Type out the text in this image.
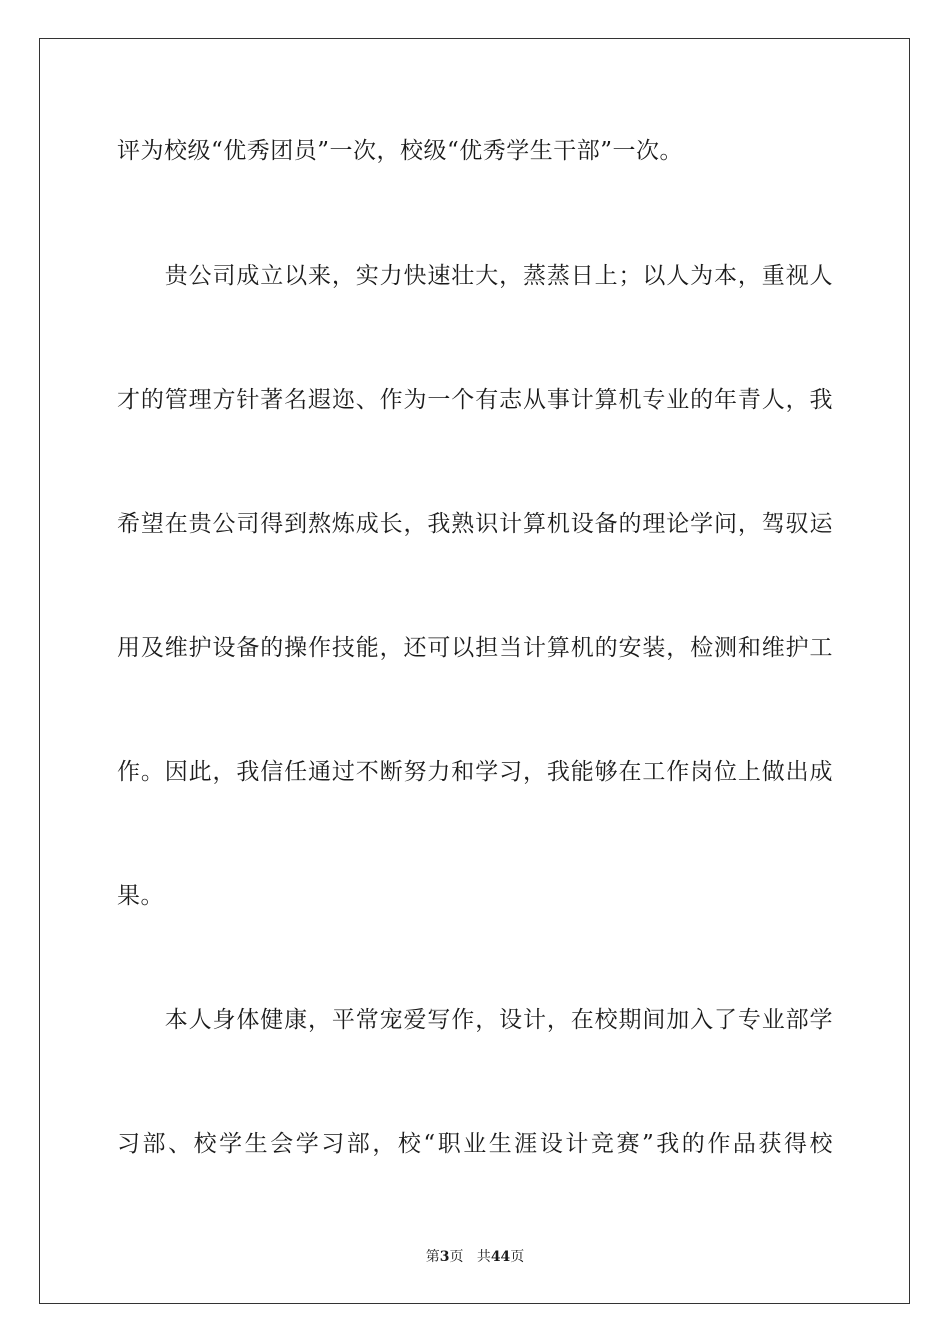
评为校级“优秀团员”一次，校级“优秀学生干部”一次。
　　贵公司成立以来，实力快速壮大，蒸蒸日上；以人为本，重视人
才的管理方针著名遐迩、作为一个有志从事计算机专业的年青人，我
希望在贵公司得到熬炼成长，我熟识计算机设备的理论学问，驾驭运
用及维护设备的操作技能，还可以担当计算机的安装，检测和维护工
作。因此，我信任通过不断努力和学习，我能够在工作岗位上做出成
果。
　　本人身体健康，平常宠爱写作，设计，在校期间加入了专业部学
习部、校学生会学习部，校“职业生涯设计竞赛”我的作品获得校
第3页 共44页
